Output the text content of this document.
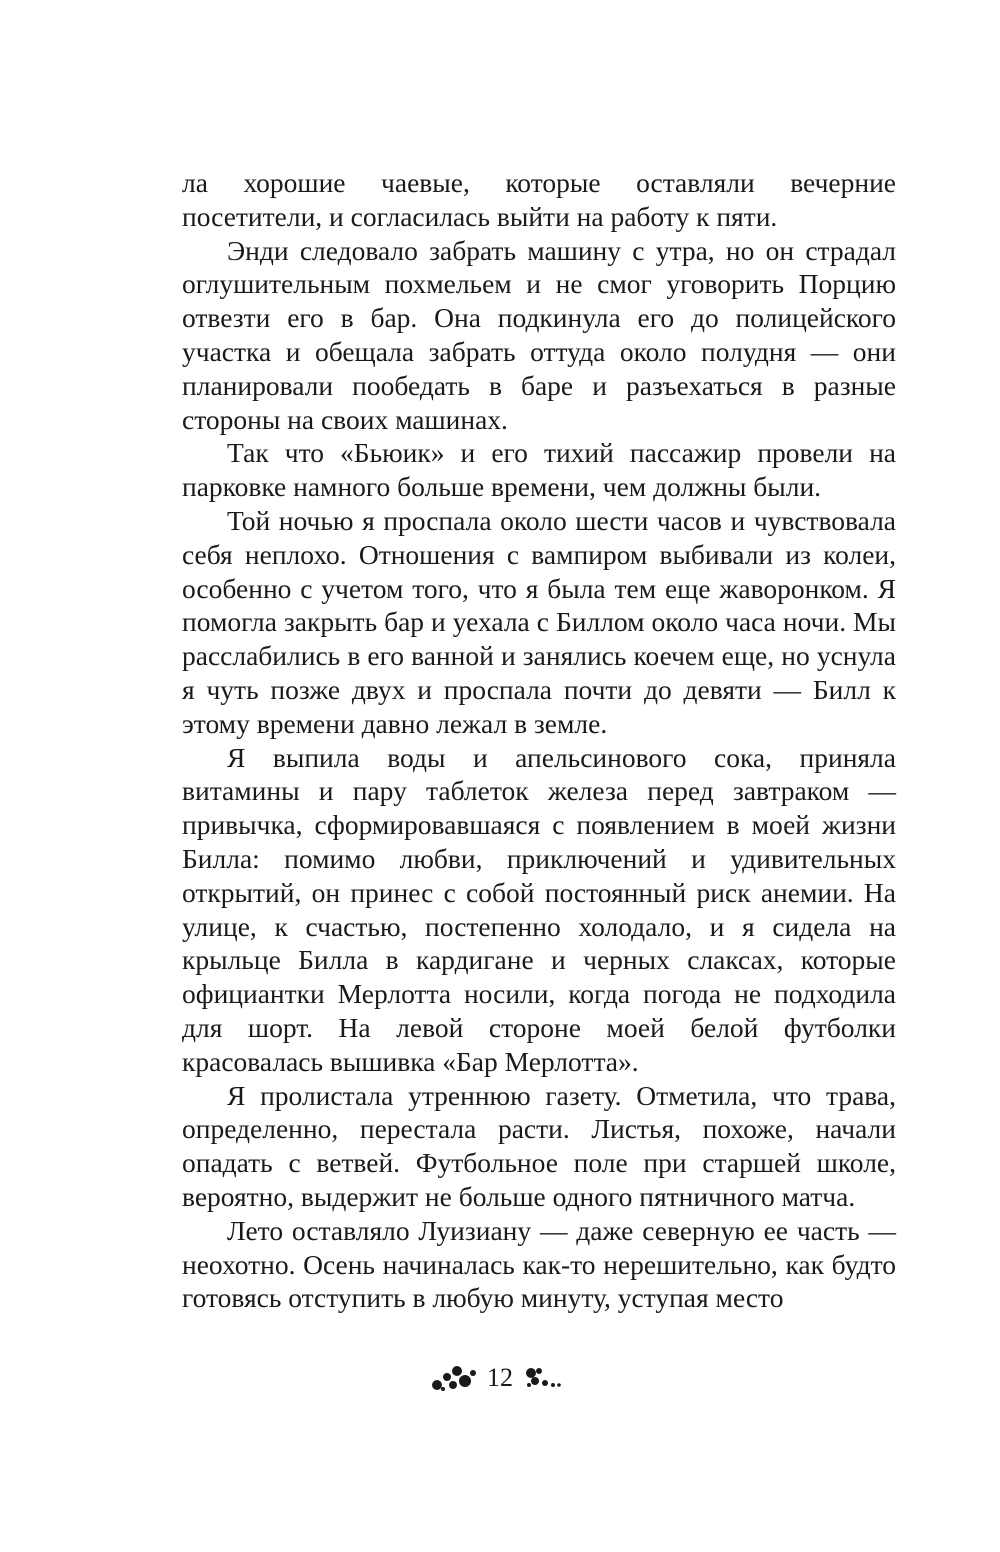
ла хорошие чаевые, которые оставляли вечерние посетители, и согласилась выйти на работу к пяти.

Энди следовало забрать машину с утра, но он страдал оглушительным похмельем и не смог уговорить Порцию отвезти его в бар. Она подкинула его до полицейского участка и обещала забрать оттуда около полудня — они планировали пообедать в баре и разъехаться в разные стороны на своих машинах.

Так что «Бьюик» и его тихий пассажир провели на парковке намного больше времени, чем должны были.

Той ночью я проспала около шести часов и чувствовала себя неплохо. Отношения с вампиром выбивали из колеи, особенно с учетом того, что я была тем еще жаворонком. Я помогла закрыть бар и уехала с Биллом около часа ночи. Мы расслабились в его ванной и занялись коечем еще, но уснула я чуть позже двух и проспала почти до девяти — Билл к этому времени давно лежал в земле.

Я выпила воды и апельсинового сока, приняла витамины и пару таблеток железа перед завтраком — привычка, сформировавшаяся с появлением в моей жизни Билла: помимо любви, приключений и удивительных открытий, он принес с собой постоянный риск анемии. На улице, к счастью, постепенно холодало, и я сидела на крыльце Билла в кардигане и черных слаксах, которые официантки Мерлотта носили, когда погода не подходила для шорт. На левой стороне моей белой футболки красовалась вышивка «Бар Мерлотта».

Я пролистала утреннюю газету. Отметила, что трава, определенно, перестала расти. Листья, похоже, начали опадать с ветвей. Футбольное поле при старшей школе, вероятно, выдержит не больше одного пятничного матча.

Лето оставляло Луизиану — даже северную ее часть — неохотно. Осень начиналась как-то нерешительно, как будто готовясь отступить в любую минуту, уступая место

12
